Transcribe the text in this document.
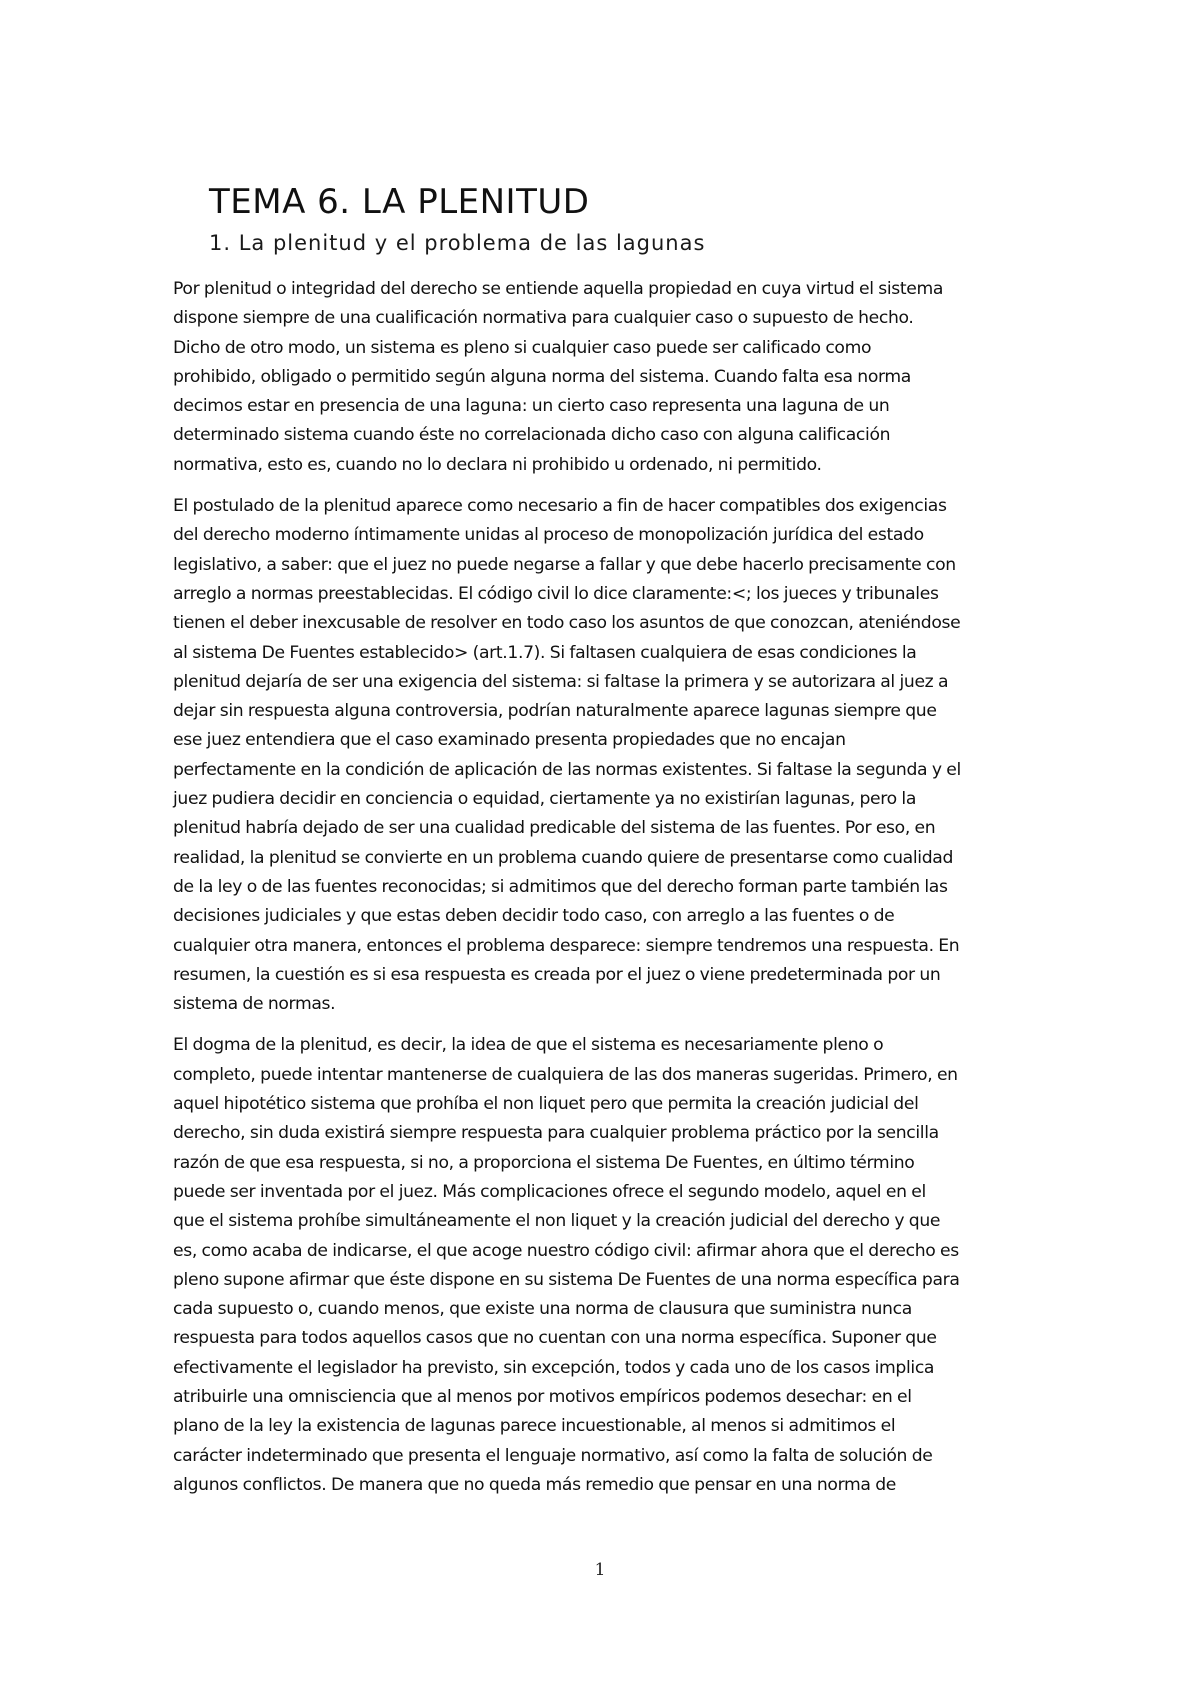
TEMA 6. LA PLENITUD
1. La plenitud y el problema de las lagunas

Por plenitud o integridad del derecho se entiende aquella propiedad en cuya virtud el sistema
dispone siempre de una cualificación normativa para cualquier caso o supuesto de hecho.
Dicho de otro modo, un sistema es pleno si cualquier caso puede ser calificado como
prohibido, obligado o permitido según alguna norma del sistema. Cuando falta esa norma
decimos estar en presencia de una laguna: un cierto caso representa una laguna de un
determinado sistema cuando éste no correlacionada dicho caso con alguna calificación
normativa, esto es, cuando no lo declara ni prohibido u ordenado, ni permitido.

El postulado de la plenitud aparece como necesario a fin de hacer compatibles dos exigencias
del derecho moderno íntimamente unidas al proceso de monopolización jurídica del estado
legislativo, a saber: que el juez no puede negarse a fallar y que debe hacerlo precisamente con
arreglo a normas preestablecidas. El código civil lo dice claramente:<; los jueces y tribunales
tienen el deber inexcusable de resolver en todo caso los asuntos de que conozcan, ateniéndose
al sistema De Fuentes establecido> (art.1.7). Si faltasen cualquiera de esas condiciones la
plenitud dejaría de ser una exigencia del sistema: si faltase la primera y se autorizara al juez a
dejar sin respuesta alguna controversia, podrían naturalmente aparece lagunas siempre que
ese juez entendiera que el caso examinado presenta propiedades que no encajan
perfectamente en la condición de aplicación de las normas existentes. Si faltase la segunda y el
juez pudiera decidir en conciencia o equidad, ciertamente ya no existirían lagunas, pero la
plenitud habría dejado de ser una cualidad predicable del sistema de las fuentes. Por eso, en
realidad, la plenitud se convierte en un problema cuando quiere de presentarse como cualidad
de la ley o de las fuentes reconocidas; si admitimos que del derecho forman parte también las
decisiones judiciales y que estas deben decidir todo caso, con arreglo a las fuentes o de
cualquier otra manera, entonces el problema desparece: siempre tendremos una respuesta. En
resumen, la cuestión es si esa respuesta es creada por el juez o viene predeterminada por un
sistema de normas.

El dogma de la plenitud, es decir, la idea de que el sistema es necesariamente pleno o
completo, puede intentar mantenerse de cualquiera de las dos maneras sugeridas. Primero, en
aquel hipotético sistema que prohíba el non liquet pero que permita la creación judicial del
derecho, sin duda existirá siempre respuesta para cualquier problema práctico por la sencilla
razón de que esa respuesta, si no, a proporciona el sistema De Fuentes, en último término
puede ser inventada por el juez. Más complicaciones ofrece el segundo modelo, aquel en el
que el sistema prohíbe simultáneamente el non liquet y la creación judicial del derecho y que
es, como acaba de indicarse, el que acoge nuestro código civil: afirmar ahora que el derecho es
pleno supone afirmar que éste dispone en su sistema De Fuentes de una norma específica para
cada supuesto o, cuando menos, que existe una norma de clausura que suministra nunca
respuesta para todos aquellos casos que no cuentan con una norma específica. Suponer que
efectivamente el legislador ha previsto, sin excepción, todos y cada uno de los casos implica
atribuirle una omnisciencia que al menos por motivos empíricos podemos desechar: en el
plano de la ley la existencia de lagunas parece incuestionable, al menos si admitimos el
carácter indeterminado que presenta el lenguaje normativo, así como la falta de solución de
algunos conflictos. De manera que no queda más remedio que pensar en una norma de

1
